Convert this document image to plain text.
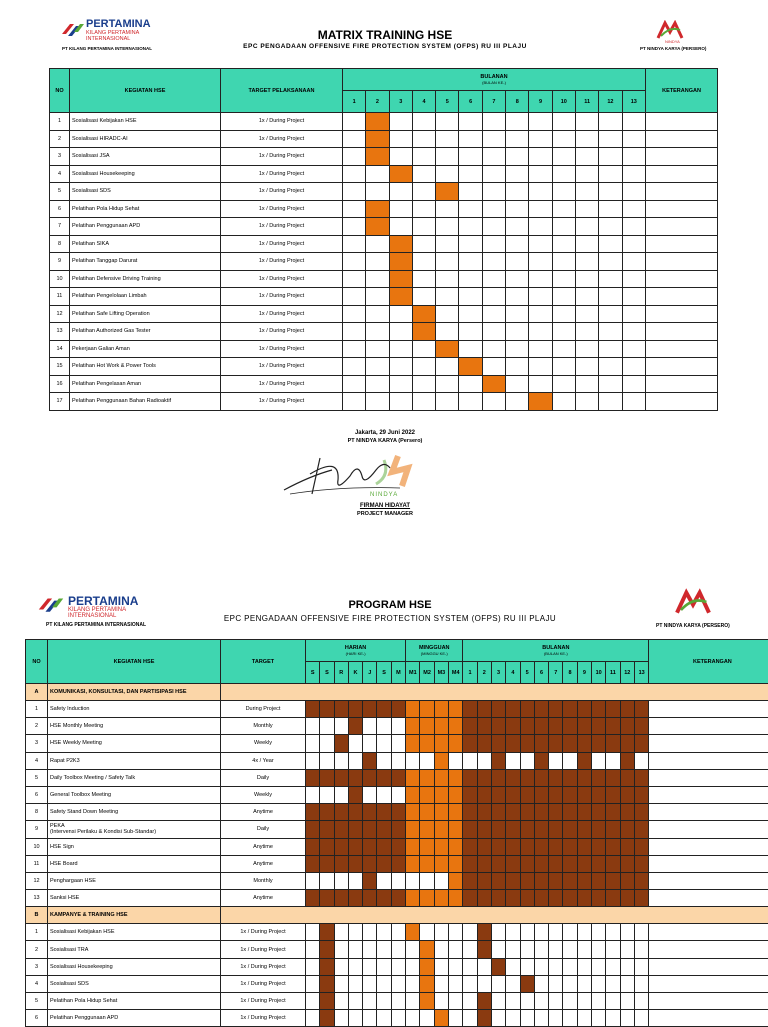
PERTAMINA
KILANG PERTAMINA
INTERNASIONAL
PT KILANG PERTAMINA INTERNASIONAL
MATRIX TRAINING HSE
EPC PENGADAAN OFFENSIVE FIRE PROTECTION SYSTEM (OFPS) RU III PLAJU
NINDYA
PT NINDYA KARYA (PERSERO)
NO	KEGIATAN HSE	TARGET PELAKSANAAN	BULANAN
(BULAN KE-)													KETERANGAN
			1	2	3	4	5	6	7	8	9	10	11	12	13	
1	Sosialisasi Kebijakan HSE	1x / During Project														
2	Sosialisasi HIRADC-AI	1x / During Project														
3	Sosialisasi JSA	1x / During Project														
4	Sosialisasi Housekeeping	1x / During Project														
5	Sosialisasi SDS	1x / During Project														
6	Pelatihan Pola Hidup Sehat	1x / During Project														
7	Pelatihan Penggunaan APD	1x / During Project														
8	Pelatihan SIKA	1x / During Project														
9	Pelatihan Tanggap Darurat	1x / During Project														
10	Pelatihan Defensive Driving Training	1x / During Project														
11	Pelatihan Pengelolaan Limbah	1x / During Project														
12	Pelatihan Safe Lifting Operation	1x / During Project														
13	Pelatihan Authorized Gas Tester	1x / During Project														
14	Pekerjaan Galian Aman	1x / During Project														
15	Pelatihan Hot Work & Power Tools	1x / During Project														
16	Pelatihan Pengelasan Aman	1x / During Project														
17	Pelatihan Penggunaan Bahan Radioaktif	1x / During Project														
Jakarta, 29 Juni 2022
PT NINDYA KARYA (Persero)
NINDYA
FIRMAN HIDAYAT
PROJECT MANAGER
PERTAMINA
KILANG PERTAMINA
INTERNASIONAL
PT KILANG PERTAMINA INTERNASIONAL
PROGRAM HSE
EPC PENGADAAN OFFENSIVE FIRE PROTECTION SYSTEM (OFPS) RU III PLAJU
PT NINDYA KARYA (PERSERO)
NO	KEGIATAN HSE	TARGET	HARIAN
(HARI KE-)							MINGGUAN
(MINGGU KE-)				BULANAN
(BULAN KE-)													KETERANGAN
			S	S	R	K	J	S	M	M1	M2	M3	M4	1	2	3	4	5	6	7	8	9	10	11	12	13	
A	KOMUNIKASI, KONSULTASI, DAN PARTISIPASI HSE																										
1	Safety Induction	During Project																									
2	HSE Monthly Meeting	Monthly																									
3	HSE Weekly Meeting	Weekly																									
4	Rapat P2K3	4x / Year																									
5	Daily Toolbox Meeting / Safety Talk	Daily																									
6	General Toolbox Meeting	Weekly																									
8	Safety Stand Down Meeting	Anytime																									
9	PEKA
(Intervensi Perilaku & Kondisi Sub-Standar)	Daily																									
10	HSE Sign	Anytime																									
11	HSE Board	Anytime																									
12	Penghargaan HSE	Monthly																									
13	Sanksi HSE	Anytime																									
B	KAMPANYE & TRAINING HSE																										
1	Sosialisasi Kebijakan HSE	1x / During Project																									
2	Sosialisasi TRA	1x / During Project																									
3	Sosialisasi Housekeeping	1x / During Project																									
4	Sosialisasi SDS	1x / During Project																									
5	Pelatihan Pola Hidup Sehat	1x / During Project																									
6	Pelatihan Penggunaan APD	1x / During Project																									
